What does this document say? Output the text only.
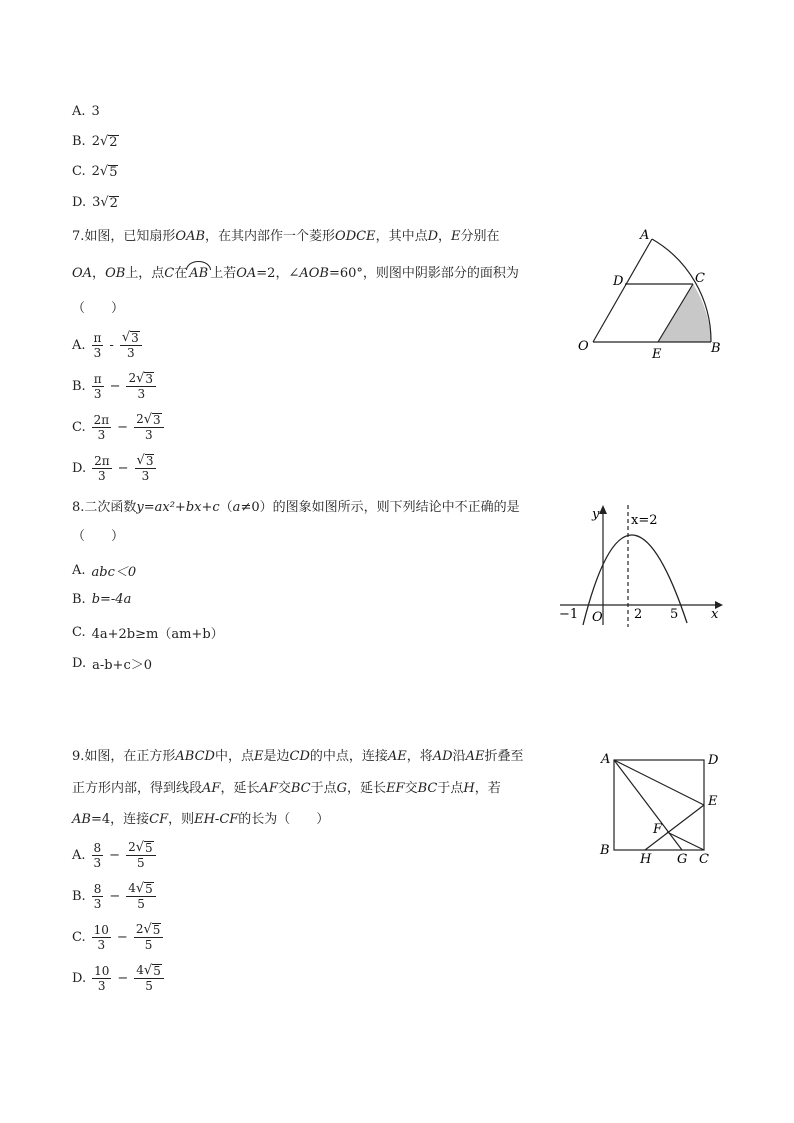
A. 3
B. 2 √ 2
C. 2 √ 5
D. 3 √ 2
7.如图，已知扇形OAB，在其内部作一个菱形ODCE，其中点D，E分别在
OA，OB上，点C在 AB 上若OA=2，∠AOB=60°，则图中阴影部分的面积为
（　　）
A. $\frac{\pi}{3} - \frac{√ 3}{3}$
B. $\frac{\pi}{3} - \frac{2 √ 3}{3}$
C. $\frac{2\pi}{3} - \frac{2 √ 3}{3}$
D. $\frac{2\pi}{3} - \frac{√ 3}{3}$
A
D	C
O
E	B
8.二次函数y=ax²+bx+c（a≠0）的图象如图所示，则下列结论中不正确的是
（　　）
A. abc＜0
B. b=-4a
C. 4a+2b≥m（am+b）
D. a-b+c＞0
y
x
x=2
−1 O 2 5
9.如图，在正方形ABCD中，点E是边CD的中点，连接AE，将AD沿AE折叠至
正方形内部，得到线段AF，延长AF交BC于点G，延长EF交BC于点H，若
AB=4，连接CF，则EH-CF的长为（　　）
A. $\frac{8}{3} - \frac{2 √ 5}{5}$
B. $\frac{8}{3} - \frac{4 √ 5}{5}$
C. $\frac{10}{3} - \frac{2 √ 5}{5}$
D. $\frac{10}{3} - \frac{4 √ 5}{5}$
A	D
E
F
B
H G C
